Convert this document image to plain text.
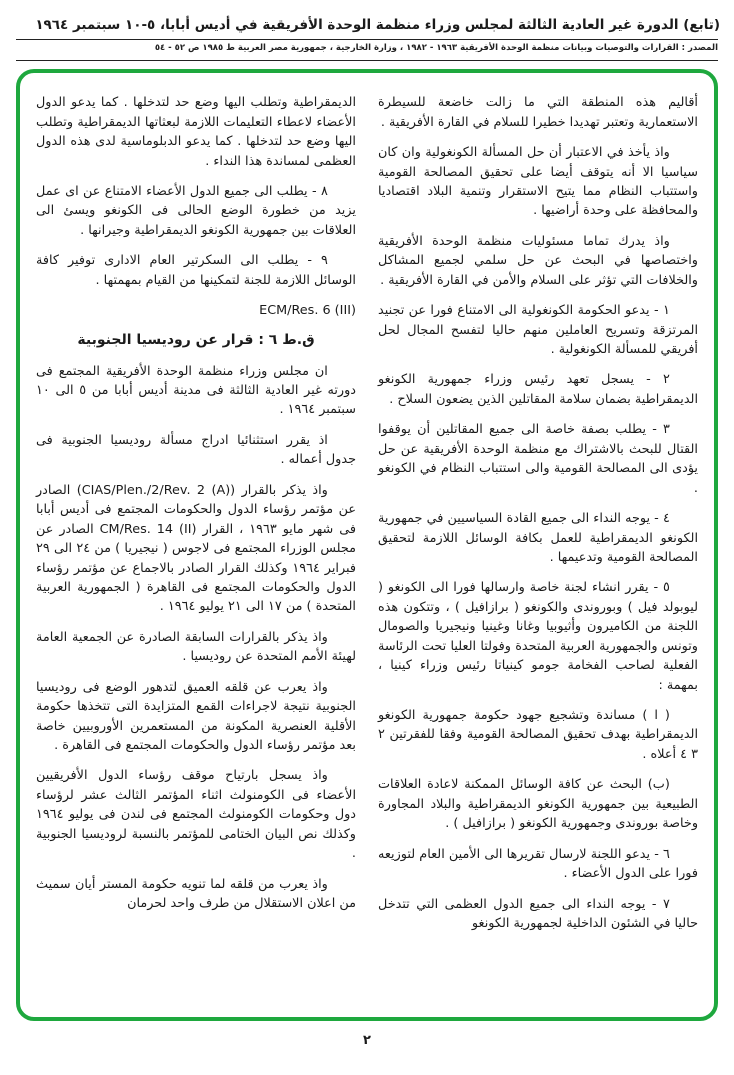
(تابع) الدورة غير العادية الثالثة لمجلس وزراء منظمة الوحدة الأفريقية في أديس أبابا، ٥-١٠ سبتمبر ١٩٦٤
المصدر : القرارات والتوصيات وبيانات منظمة الوحدة الأفريقية ١٩٦٣ - ١٩٨٢ ، وزارة الخارجية ، جمهورية مصر العربية ط ١٩٨٥ ص ٥٢ - ٥٤

أقاليم هذه المنطقة التي ما زالت خاضعة للسيطرة الاستعمارية وتعتبر تهديدا خطيرا للسلام في القارة الأفريقية .

واذ يأخذ في الاعتبار أن حل المسألة الكونغولية وان كان سياسيا الا أنه يتوقف أيضا على تحقيق المصالحة القومية واستتباب النظام مما يتيح الاستقرار وتنمية البلاد اقتصاديا والمحافظة على وحدة أراضيها .

واذ يدرك تماما مسئوليات منظمة الوحدة الأفريقية واختصاصها في البحث عن حل سلمي لجميع المشاكل والخلافات التي تؤثر على السلام والأمن في القارة الأفريقية .

١ - يدعو الحكومة الكونغولية الى الامتناع فورا عن تجنيد المرتزقة وتسريح العاملين منهم حاليا لتفسح المجال لحل أفريقي للمسألة الكونغولية .

٢ - يسجل تعهد رئيس وزراء جمهورية الكونغو الديمقراطية بضمان سلامة المقاتلين الذين يضعون السلاح .

٣ - يطلب بصفة خاصة الى جميع المقاتلين أن يوقفوا القتال للبحث بالاشتراك مع منظمة الوحدة الأفريقية عن حل يؤدى الى المصالحة القومية والى استتباب النظام في الكونغو .

٤ - يوجه النداء الى جميع القادة السياسيين في جمهورية الكونغو الديمقراطية للعمل بكافة الوسائل اللازمة لتحقيق المصالحة القومية وتدعيمها .

٥ - يقرر انشاء لجنة خاصة وارسالها فورا الى الكونغو ( ليوبولد فيل ) وبوروندى والكونغو ( برازافيل ) ، وتتكون هذه اللجنة من الكاميرون وأثيوبيا وغانا وغينيا ونيجيريا والصومال وتونس والجمهورية العربية المتحدة وفولتا العليا تحت الرئاسة الفعلية لصاحب الفخامة جومو كينياتا رئيس وزراء كينيا ، بمهمة :

( ا ) مساندة وتشجيع جهود حكومة جمهورية الكونغو الديمقراطية بهدف تحقيق المصالحة القومية وفقا للفقرتين ٢ ٣ ٤ أعلاه .

(ب) البحث عن كافة الوسائل الممكنة لاعادة العلاقات الطبيعية بين جمهورية الكونغو الديمقراطية والبلاد المجاورة وخاصة بوروندى وجمهورية الكونغو ( برازافيل ) .

٦ - يدعو اللجنة لارسال تقريرها الى الأمين العام لتوزيعه فورا على الدول الأعضاء .

٧ - يوجه النداء الى جميع الدول العظمى التي تتدخل حاليا في الشئون الداخلية لجمهورية الكونغو

الديمقراطية وتطلب اليها وضع حد لتدخلها . كما يدعو الدول الأعضاء لاعطاء التعليمات اللازمة لبعثاتها الديمقراطية وتطلب اليها وضع حد لتدخلها . كما يدعو الدبلوماسية لدى هذه الدول العظمى لمساندة هذا النداء .

٨ - يطلب الى جميع الدول الأعضاء الامتناع عن اى عمل يزيد من خطورة الوضع الحالى فى الكونغو ويسئ الى العلاقات بين جمهورية الكونغو الديمقراطية وجيرانها .

٩ - يطلب الى السكرتير العام الادارى توفير كافة الوسائل اللازمة للجنة لتمكينها من القيام بمهمتها .

ECM/Res. 6 (III)

ق.ط ٦ : قرار عن روديسيا الجنوبية

ان مجلس وزراء منظمة الوحدة الأفريقية المجتمع فى دورته غير العادية الثالثة فى مدينة أديس أبابا من ٥ الى ١٠ سبتمبر ١٩٦٤ .

اذ يقرر استثنائيا ادراج مسألة روديسيا الجنوبية فى جدول أعماله .

واذ يذكر بالقرار ⁦(CIAS/Plen./2/Rev. 2 (A))⁩ الصادر عن مؤتمر رؤساء الدول والحكومات المجتمع فى أديس أبابا فى شهر مايو ١٩٦٣ ، القرار ⁦CM/Res. 14 (II)⁩ الصادر عن مجلس الوزراء المجتمع فى لاجوس ( نيجيريا ) من ٢٤ الى ٢٩ فبراير ١٩٦٤ وكذلك القرار الصادر بالاجماع عن مؤتمر رؤساء الدول والحكومات المجتمع فى القاهرة ( الجمهورية العربية المتحدة ) من ١٧ الى ٢١ يوليو ١٩٦٤ .

واذ يذكر بالقرارات السابقة الصادرة عن الجمعية العامة لهيئة الأمم المتحدة عن روديسيا .

واذ يعرب عن قلقه العميق لتدهور الوضع فى روديسيا الجنوبية نتيجة لاجراءات القمع المتزايدة التى تتخذها حكومة الأقلية العنصرية المكونة من المستعمرين الأوروبيين خاصة بعد مؤتمر رؤساء الدول والحكومات المجتمع فى القاهرة .

واذ يسجل بارتياح موقف رؤساء الدول الأفريقيين الأعضاء فى الكومنولث اثناء المؤتمر الثالث عشر لرؤساء دول وحكومات الكومنولث المجتمع فى لندن فى يوليو ١٩٦٤ وكذلك نص البيان الختامى للمؤتمر بالنسبة لروديسيا الجنوبية .

واذ يعرب من قلقه لما تنويه حكومة المستر أيان سميث من اعلان الاستقلال من طرف واحد لحرمان

٢
